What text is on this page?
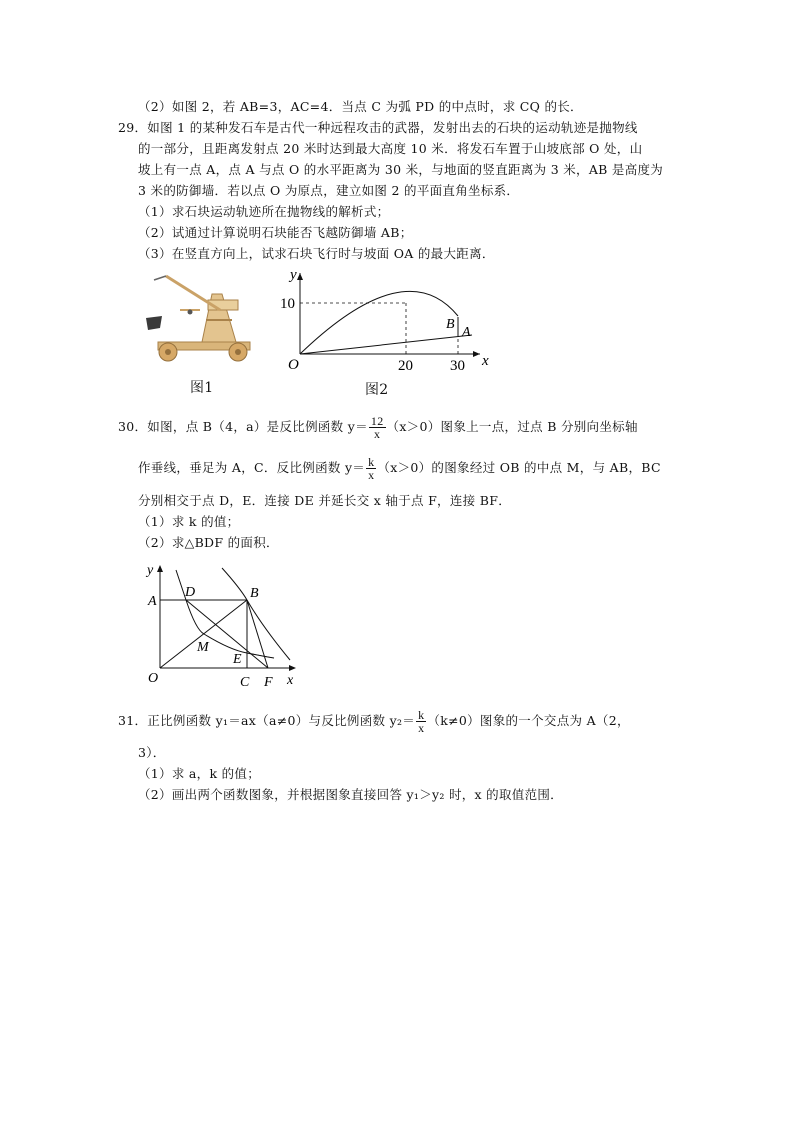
（2）如图 2，若 AB=3，AC=4．当点 C 为弧 PD 的中点时，求 CQ 的长．
29．如图 1 的某种发石车是古代一种远程攻击的武器，发射出去的石块的运动轨迹是抛物线
的一部分，且距离发射点 20 米时达到最大高度 10 米．将发石车置于山坡底部 O 处，山
坡上有一点 A，点 A 与点 O 的水平距离为 30 米，与地面的竖直距离为 3 米，AB 是高度为
3 米的防御墙．若以点 O 为原点，建立如图 2 的平面直角坐标系．
（1）求石块运动轨迹所在抛物线的解析式；
（2）试通过计算说明石块能否飞越防御墙 AB；
（3）在竖直方向上，试求石块飞行时与坡面 OA 的最大距离．
图1
y
x
O
10
20 30
B
A
图2
30．如图，点 B（4，a）是反比例函数 $y= \frac{12}{x} (x>0)$图象上一点，过点 B 分别向坐标轴
作垂线，垂足为 A，C．反比例函数 $y= \frac{k}{x} (x>0)$的图象经过 OB 的中点 M，与 AB，BC
分别相交于点 D，E．连接 DE 并延长交 x 轴于点 F，连接 BF．
（1）求 k 的值；
（2）求△BDF 的面积．
y
x
O
A
B
D
M
E
C F
31．正比例函数 y₁＝ax（a≠0）与反比例函数 $y_2= \frac{k}{x} (k\ne 0)$图象的一个交点为 A（2，
3）．
（1）求 a，k 的值；
（2）画出两个函数图象，并根据图象直接回答 y₁＞y₂ 时，x 的取值范围．
